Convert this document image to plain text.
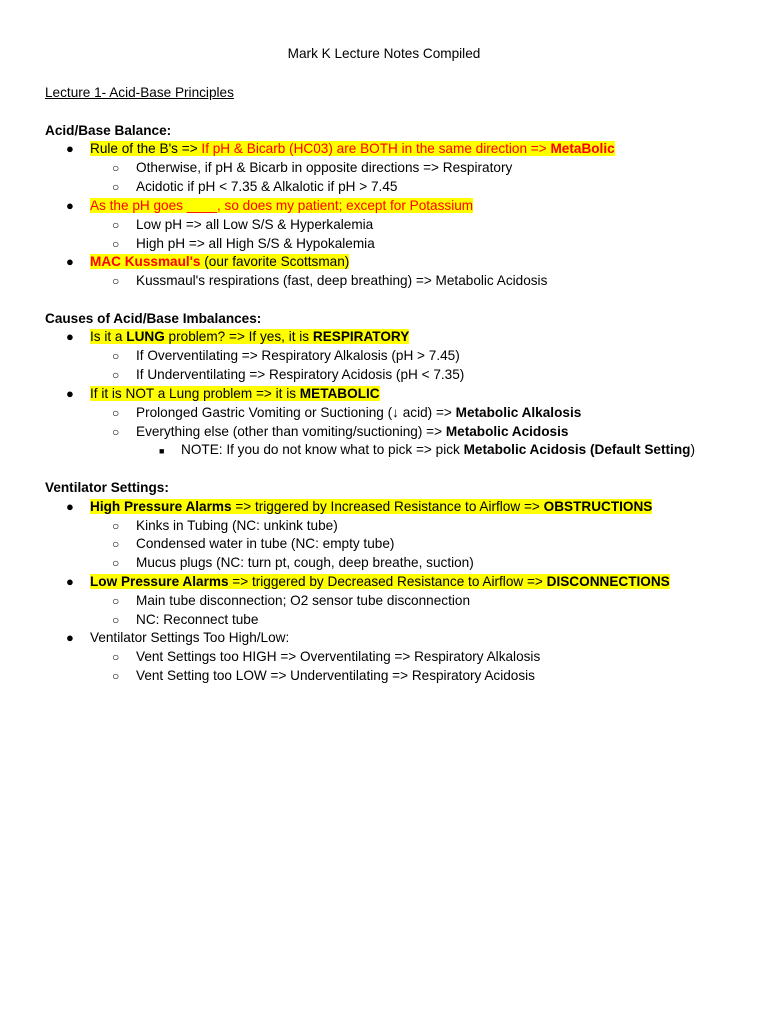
Mark K Lecture Notes Compiled
Lecture 1- Acid-Base Principles
Acid/Base Balance:
● Rule of the B's => If pH & Bicarb (HC03) are BOTH in the same direction => MetaBolic
○ Otherwise, if pH & Bicarb in opposite directions => Respiratory
○ Acidotic if pH < 7.35 & Alkalotic if pH > 7.45
● As the pH goes ____, so does my patient; except for Potassium
○ Low pH => all Low S/S & Hyperkalemia
○ High pH => all High S/S & Hypokalemia
● MAC Kussmaul's (our favorite Scottsman)
○ Kussmaul's respirations (fast, deep breathing) => Metabolic Acidosis
Causes of Acid/Base Imbalances:
● Is it a LUNG problem? => If yes, it is RESPIRATORY
○ If Overventilating => Respiratory Alkalosis (pH > 7.45)
○ If Underventilating => Respiratory Acidosis (pH < 7.35)
● If it is NOT a Lung problem => it is METABOLIC
○ Prolonged Gastric Vomiting or Suctioning (↓ acid) => Metabolic Alkalosis
○ Everything else (other than vomiting/suctioning) => Metabolic Acidosis
■ NOTE: If you do not know what to pick => pick Metabolic Acidosis (Default Setting)
Ventilator Settings:
● High Pressure Alarms => triggered by Increased Resistance to Airflow => OBSTRUCTIONS
○ Kinks in Tubing (NC: unkink tube)
○ Condensed water in tube (NC: empty tube)
○ Mucus plugs (NC: turn pt, cough, deep breathe, suction)
● Low Pressure Alarms => triggered by Decreased Resistance to Airflow => DISCONNECTIONS
○ Main tube disconnection; O2 sensor tube disconnection
○ NC: Reconnect tube
● Ventilator Settings Too High/Low:
○ Vent Settings too HIGH => Overventilating => Respiratory Alkalosis
○ Vent Setting too LOW => Underventilating => Respiratory Acidosis
